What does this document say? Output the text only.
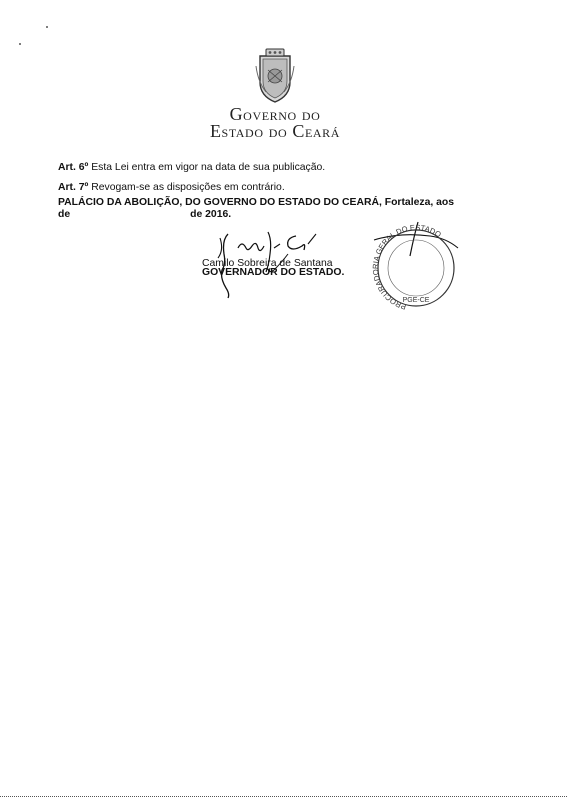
GOVERNO DO
ESTADO DO CEARÁ
Art. 6º Esta Lei entra em vigor na data de sua publicação.
Art. 7º Revogam-se as disposições em contrário.
PALÁCIO DA ABOLIÇÃO, DO GOVERNO DO ESTADO DO CEARÁ, Fortaleza, aos
de	de 2016.
Camilo Sobreira de Santana
GOVERNADOR DO ESTADO.
PROCURADORIA GERAL DO ESTADO
PGE-CE
